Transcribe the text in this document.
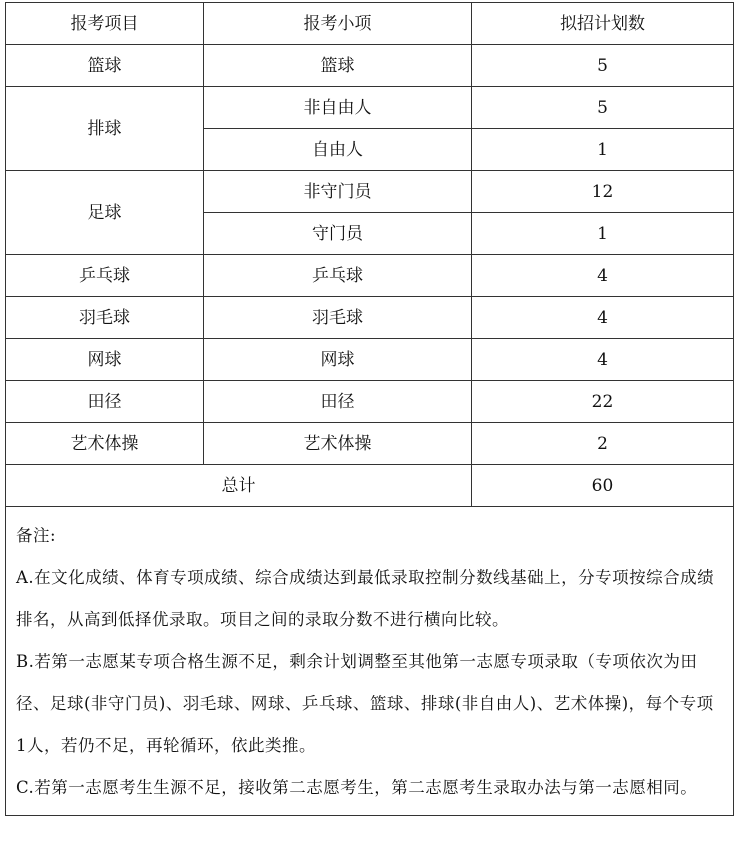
报考项目	报考小项	拟招计划数
篮球	篮球	5
排球	非自由人	5
	自由人	1
足球	非守门员	12
	守门员	1
乒乓球	乒乓球	4
羽毛球	羽毛球	4
网球	网球	4
田径	田径	22
艺术体操	艺术体操	2
总计		60

备注:

A.在文化成绩、体育专项成绩、综合成绩达到最低录取控制分数线基础上，分专项按综合成绩排名，从高到低择优录取。项目之间的录取分数不进行横向比较。

B.若第一志愿某专项合格生源不足，剩余计划调整至其他第一志愿专项录取（专项依次为田径、足球(非守门员)、羽毛球、网球、乒乓球、篮球、排球(非自由人)、艺术体操)，每个专项1人，若仍不足，再轮循环，依此类推。

C.若第一志愿考生生源不足，接收第二志愿考生，第二志愿考生录取办法与第一志愿相同。		
